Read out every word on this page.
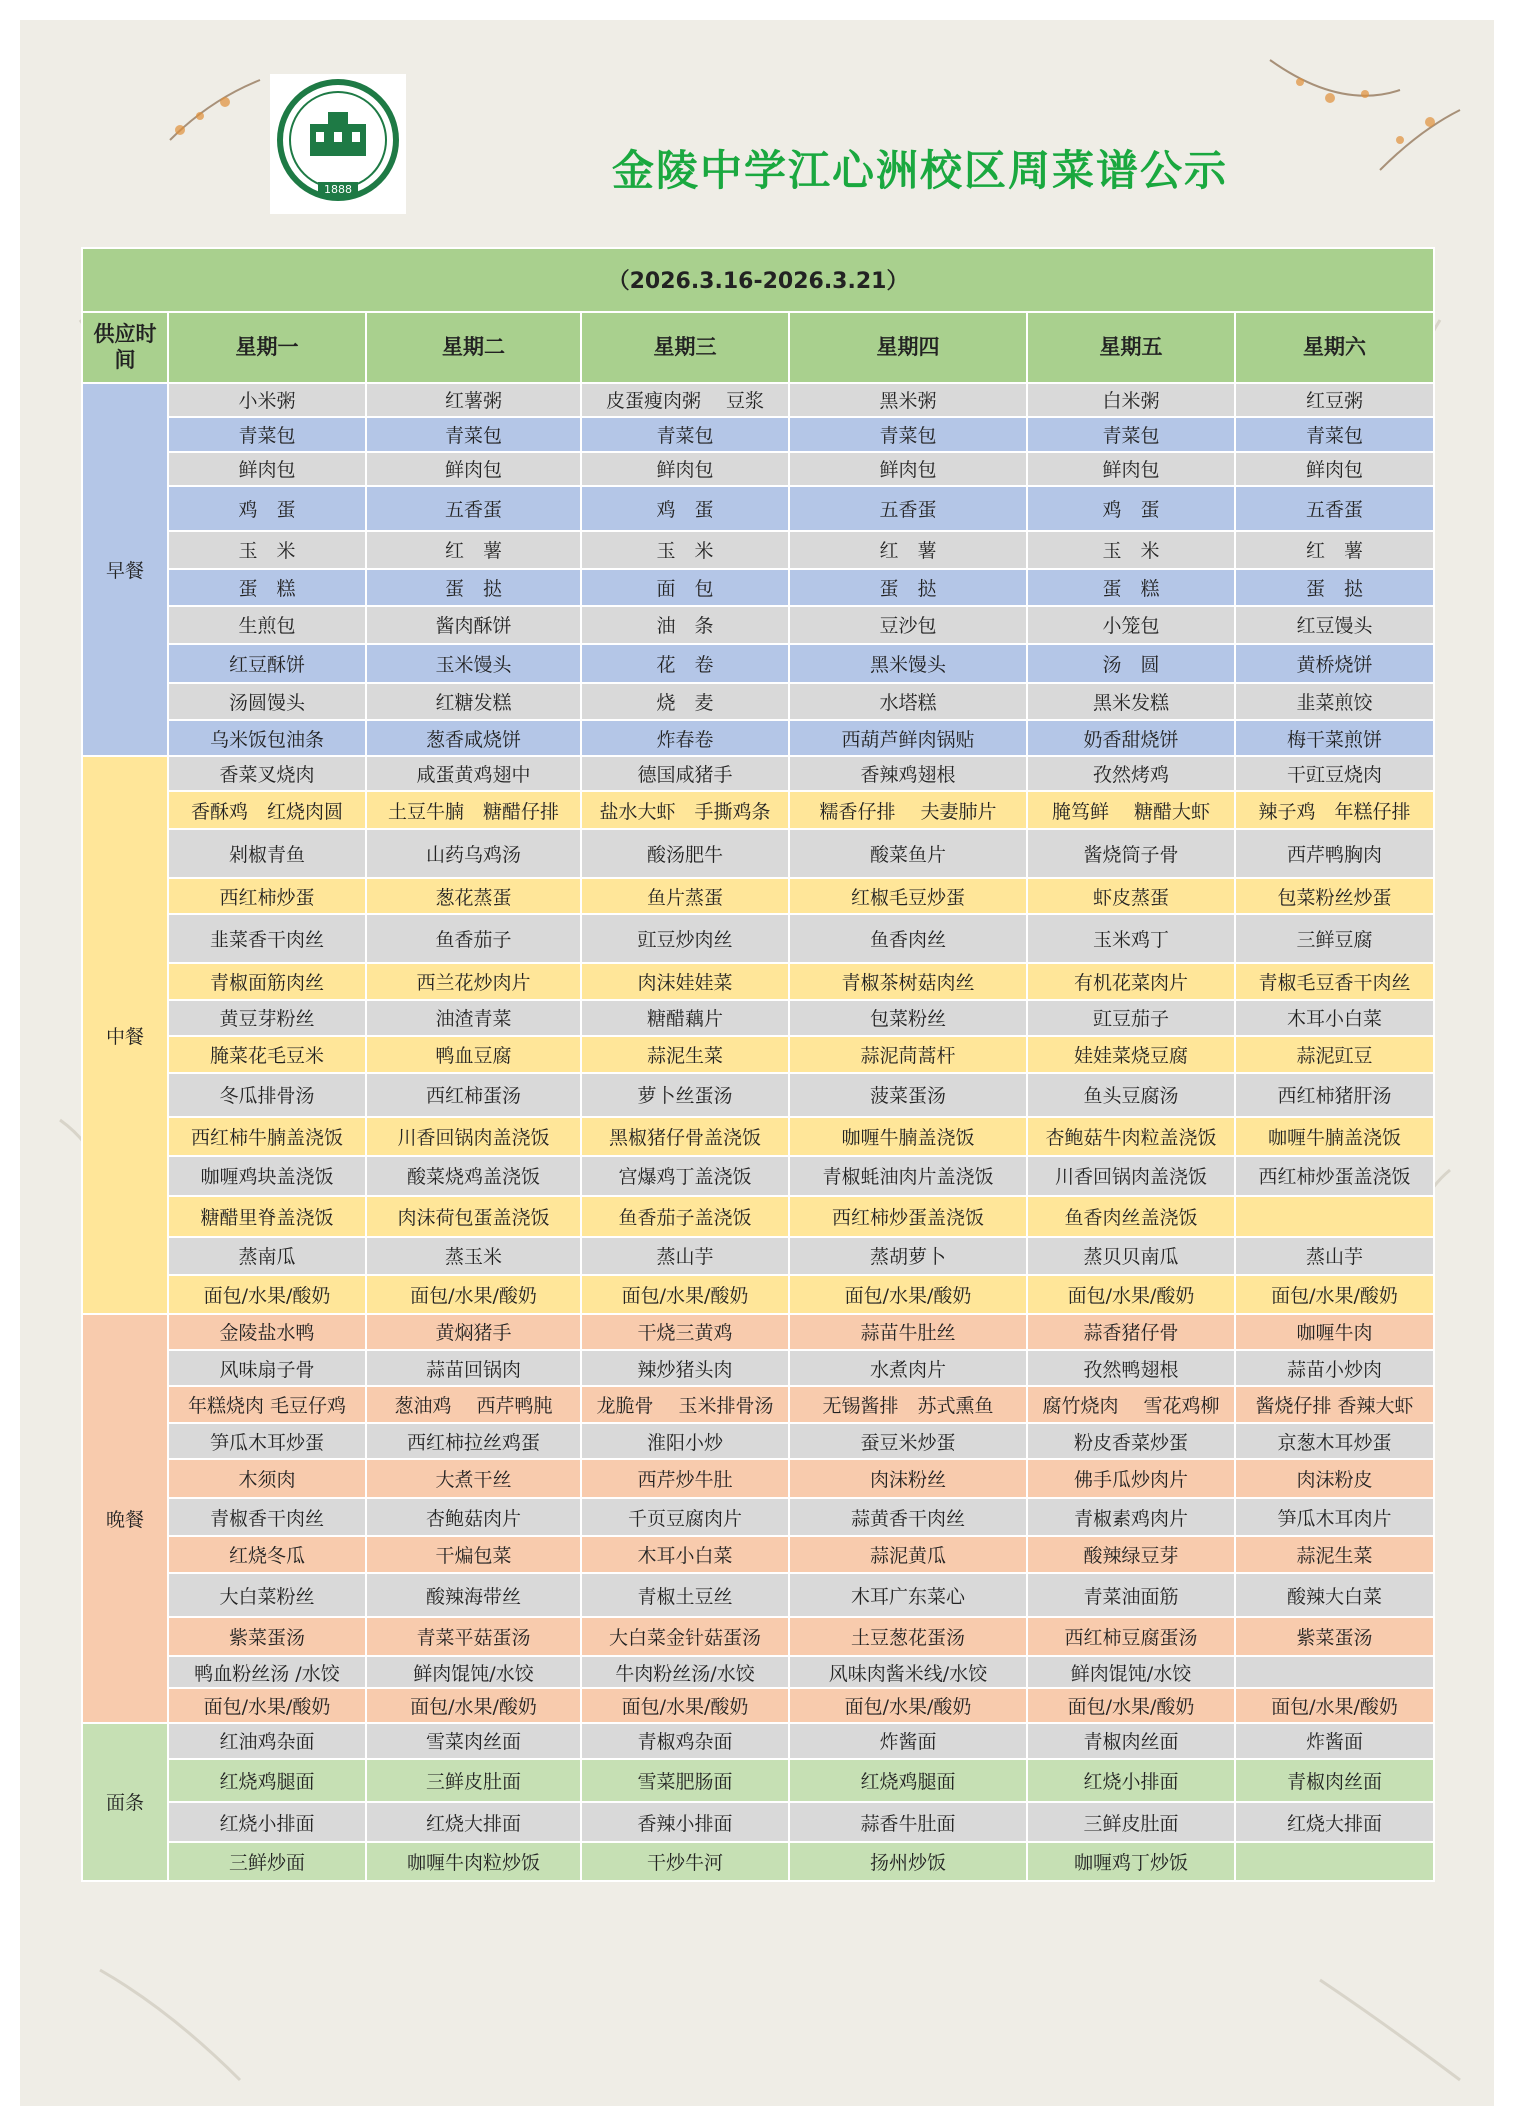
1888	金陵中学江心洲校区周菜谱公示
（2026.3.16-2026.3.21）						
供应时间	星期一	星期二	星期三	星期四	星期五	星期六
早餐	小米粥	红薯粥	皮蛋瘦肉粥　 豆浆	黑米粥	白米粥	红豆粥
	青菜包	青菜包	青菜包	青菜包	青菜包	青菜包
	鲜肉包	鲜肉包	鲜肉包	鲜肉包	鲜肉包	鲜肉包
	鸡　蛋	五香蛋	鸡　蛋	五香蛋	鸡　蛋	五香蛋
	玉　米	红　薯	玉　米	红　薯	玉　米	红　薯
	蛋　糕	蛋　挞	面　包	蛋　挞	蛋　糕	蛋　挞
	生煎包	酱肉酥饼	油　条	豆沙包	小笼包	红豆馒头
	红豆酥饼	玉米馒头	花　卷	黑米馒头	汤　圆	黄桥烧饼
	汤圆馒头	红糖发糕	烧　麦	水塔糕	黑米发糕	韭菜煎饺
	乌米饭包油条	葱香咸烧饼	炸春卷	西葫芦鲜肉锅贴	奶香甜烧饼	梅干菜煎饼
中餐	香菜叉烧肉	咸蛋黄鸡翅中	德国咸猪手	香辣鸡翅根	孜然烤鸡	干豇豆烧肉
	香酥鸡　红烧肉圆	土豆牛腩　糖醋仔排	盐水大虾　手撕鸡条	糯香仔排　 夫妻肺片	腌笃鲜　 糖醋大虾	辣子鸡　年糕仔排
	剁椒青鱼	山药乌鸡汤	酸汤肥牛	酸菜鱼片	酱烧筒子骨	西芹鸭胸肉
	西红柿炒蛋	葱花蒸蛋	鱼片蒸蛋	红椒毛豆炒蛋	虾皮蒸蛋	包菜粉丝炒蛋
	韭菜香干肉丝	鱼香茄子	豇豆炒肉丝	鱼香肉丝	玉米鸡丁	三鲜豆腐
	青椒面筋肉丝	西兰花炒肉片	肉沫娃娃菜	青椒茶树菇肉丝	有机花菜肉片	青椒毛豆香干肉丝
	黄豆芽粉丝	油渣青菜	糖醋藕片	包菜粉丝	豇豆茄子	木耳小白菜
	腌菜花毛豆米	鸭血豆腐	蒜泥生菜	蒜泥茼蒿杆	娃娃菜烧豆腐	蒜泥豇豆
	冬瓜排骨汤	西红柿蛋汤	萝卜丝蛋汤	菠菜蛋汤	鱼头豆腐汤	西红柿猪肝汤
	西红柿牛腩盖浇饭	川香回锅肉盖浇饭	黑椒猪仔骨盖浇饭	咖喱牛腩盖浇饭	杏鲍菇牛肉粒盖浇饭	咖喱牛腩盖浇饭
	咖喱鸡块盖浇饭	酸菜烧鸡盖浇饭	宫爆鸡丁盖浇饭	青椒蚝油肉片盖浇饭	川香回锅肉盖浇饭	西红柿炒蛋盖浇饭
	糖醋里脊盖浇饭	肉沫荷包蛋盖浇饭	鱼香茄子盖浇饭	西红柿炒蛋盖浇饭	鱼香肉丝盖浇饭	
	蒸南瓜	蒸玉米	蒸山芋	蒸胡萝卜	蒸贝贝南瓜	蒸山芋
	面包/水果/酸奶	面包/水果/酸奶	面包/水果/酸奶	面包/水果/酸奶	面包/水果/酸奶	面包/水果/酸奶
晚餐	金陵盐水鸭	黄焖猪手	干烧三黄鸡	蒜苗牛肚丝	蒜香猪仔骨	咖喱牛肉
	风味扇子骨	蒜苗回锅肉	辣炒猪头肉	水煮肉片	孜然鸭翅根	蒜苗小炒肉
	年糕烧肉 毛豆仔鸡	葱油鸡　 西芹鸭肫	龙脆骨　 玉米排骨汤	无锡酱排　苏式熏鱼	腐竹烧肉　 雪花鸡柳	酱烧仔排 香辣大虾
	笋瓜木耳炒蛋	西红柿拉丝鸡蛋	淮阳小炒	蚕豆米炒蛋	粉皮香菜炒蛋	京葱木耳炒蛋
	木须肉	大煮干丝	西芹炒牛肚	肉沫粉丝	佛手瓜炒肉片	肉沫粉皮
	青椒香干肉丝	杏鲍菇肉片	千页豆腐肉片	蒜黄香干肉丝	青椒素鸡肉片	笋瓜木耳肉片
	红烧冬瓜	干煸包菜	木耳小白菜	蒜泥黄瓜	酸辣绿豆芽	蒜泥生菜
	大白菜粉丝	酸辣海带丝	青椒土豆丝	木耳广东菜心	青菜油面筋	酸辣大白菜
	紫菜蛋汤	青菜平菇蛋汤	大白菜金针菇蛋汤	土豆葱花蛋汤	西红柿豆腐蛋汤	紫菜蛋汤
	鸭血粉丝汤 /水饺	鲜肉馄饨/水饺	牛肉粉丝汤/水饺	风味肉酱米线/水饺	鲜肉馄饨/水饺	
	面包/水果/酸奶	面包/水果/酸奶	面包/水果/酸奶	面包/水果/酸奶	面包/水果/酸奶	面包/水果/酸奶
面条	红油鸡杂面	雪菜肉丝面	青椒鸡杂面	炸酱面	青椒肉丝面	炸酱面
	红烧鸡腿面	三鲜皮肚面	雪菜肥肠面	红烧鸡腿面	红烧小排面	青椒肉丝面
	红烧小排面	红烧大排面	香辣小排面	蒜香牛肚面	三鲜皮肚面	红烧大排面
	三鲜炒面	咖喱牛肉粒炒饭	干炒牛河	扬州炒饭	咖喱鸡丁炒饭	
